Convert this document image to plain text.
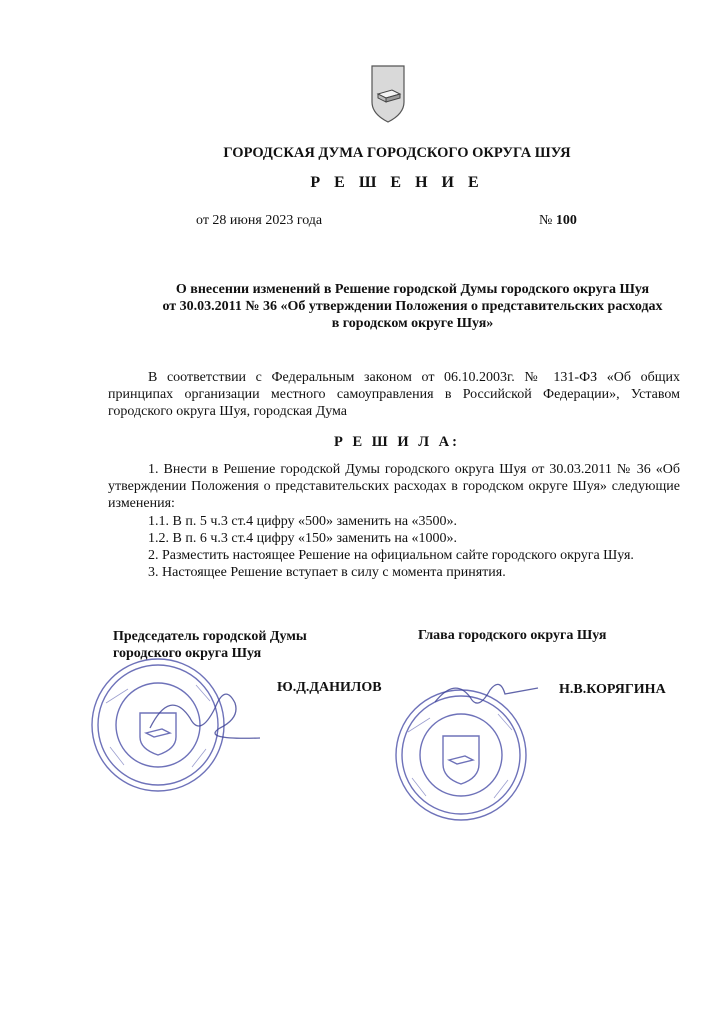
ГОРОДСКАЯ ДУМА ГОРОДСКОГО ОКРУГА ШУЯ
Р Е Ш Е Н И Е
от 28 июня 2023 года	№ 100
О внесении изменений в Решение городской Думы городского округа Шуя
от 30.03.2011 № 36 «Об утверждении Положения о представительских расходах
в городском округе Шуя»
В соответствии с Федеральным законом от 06.10.2003г. № 131-ФЗ «Об общих принципах организации местного самоуправления в Российской Федерации», Уставом городского округа Шуя, городская Дума
Р Е Ш И Л А:
1. Внести в Решение городской Думы городского округа Шуя от 30.03.2011 № 36 «Об утверждении Положения о представительских расходах в городском округе Шуя» следующие изменения:
1.1. В п. 5 ч.3 ст.4 цифру «500» заменить на «3500».
1.2. В п. 6 ч.3 ст.4 цифру «150» заменить на «1000».
2. Разместить настоящее Решение на официальном сайте городского округа Шуя.
3. Настоящее Решение вступает в силу с момента принятия.
Председатель городской Думы
городского округа Шуя
Глава городского округа Шуя
Ю.Д.ДАНИЛОВ	Н.В.КОРЯГИНА
